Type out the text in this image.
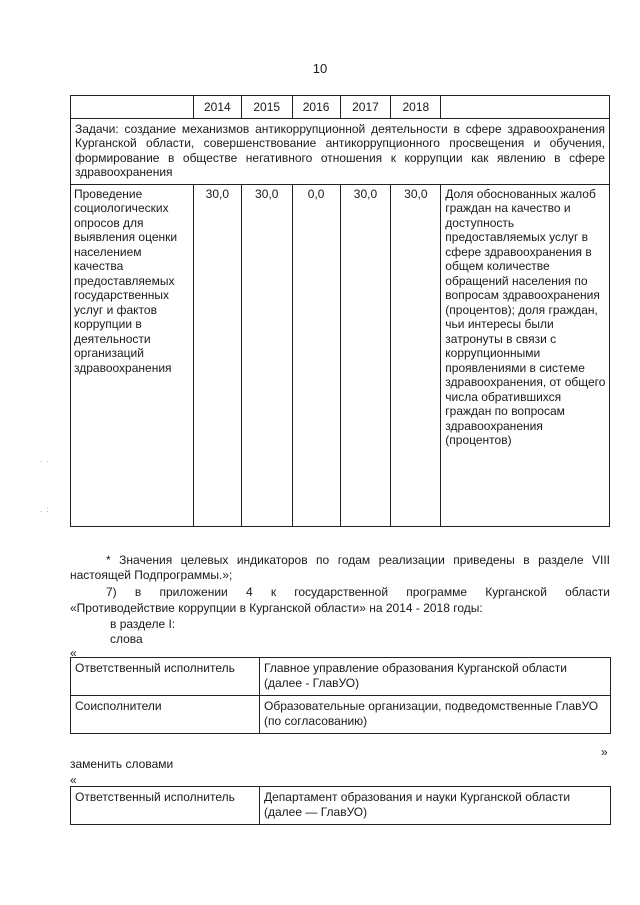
10
	2014	2015	2016	2017	2018	
Задачи: создание механизмов антикоррупционной деятельности в сфере здравоохранения Курганской области, совершенствование антикоррупционного просвещения и обучения, формирование в обществе негативного отношения к коррупции как явлению в сфере здравоохранения						
Проведение социологических опросов для выявления оценки населением качества предоставляемых государственных услуг и фактов коррупции в деятельности организаций здравоохранения	30,0	30,0	0,0	30,0	30,0	Доля обоснованных жалоб граждан на качество и доступность предоставляемых услуг в сфере здравоохранения в общем количестве обращений населения по вопросам здравоохранения (процентов); доля граждан, чьи интересы были затронуты в связи с коррупционными проявлениями в системе здравоохранения, от общего числа обратившихся граждан по вопросам здравоохранения (процентов)
* Значения целевых индикаторов по годам реализации приведены в разделе VIII
настоящей Подпрограммы.»;
7) в приложении 4 к государственной программе Курганской области
«Противодействие коррупции в Курганской области» на 2014 - 2018 годы:
в разделе I:
слова
«
Ответственный исполнитель	Главное управление образования Курганской области (далее - ГлавУО)
Соисполнители	Образовательные организации, подведомственные ГлавУО (по согласованию)
»
заменить словами
«
Ответственный исполнитель	Департамент образования и науки Курганской области (далее — ГлавУО)
. .
. :
